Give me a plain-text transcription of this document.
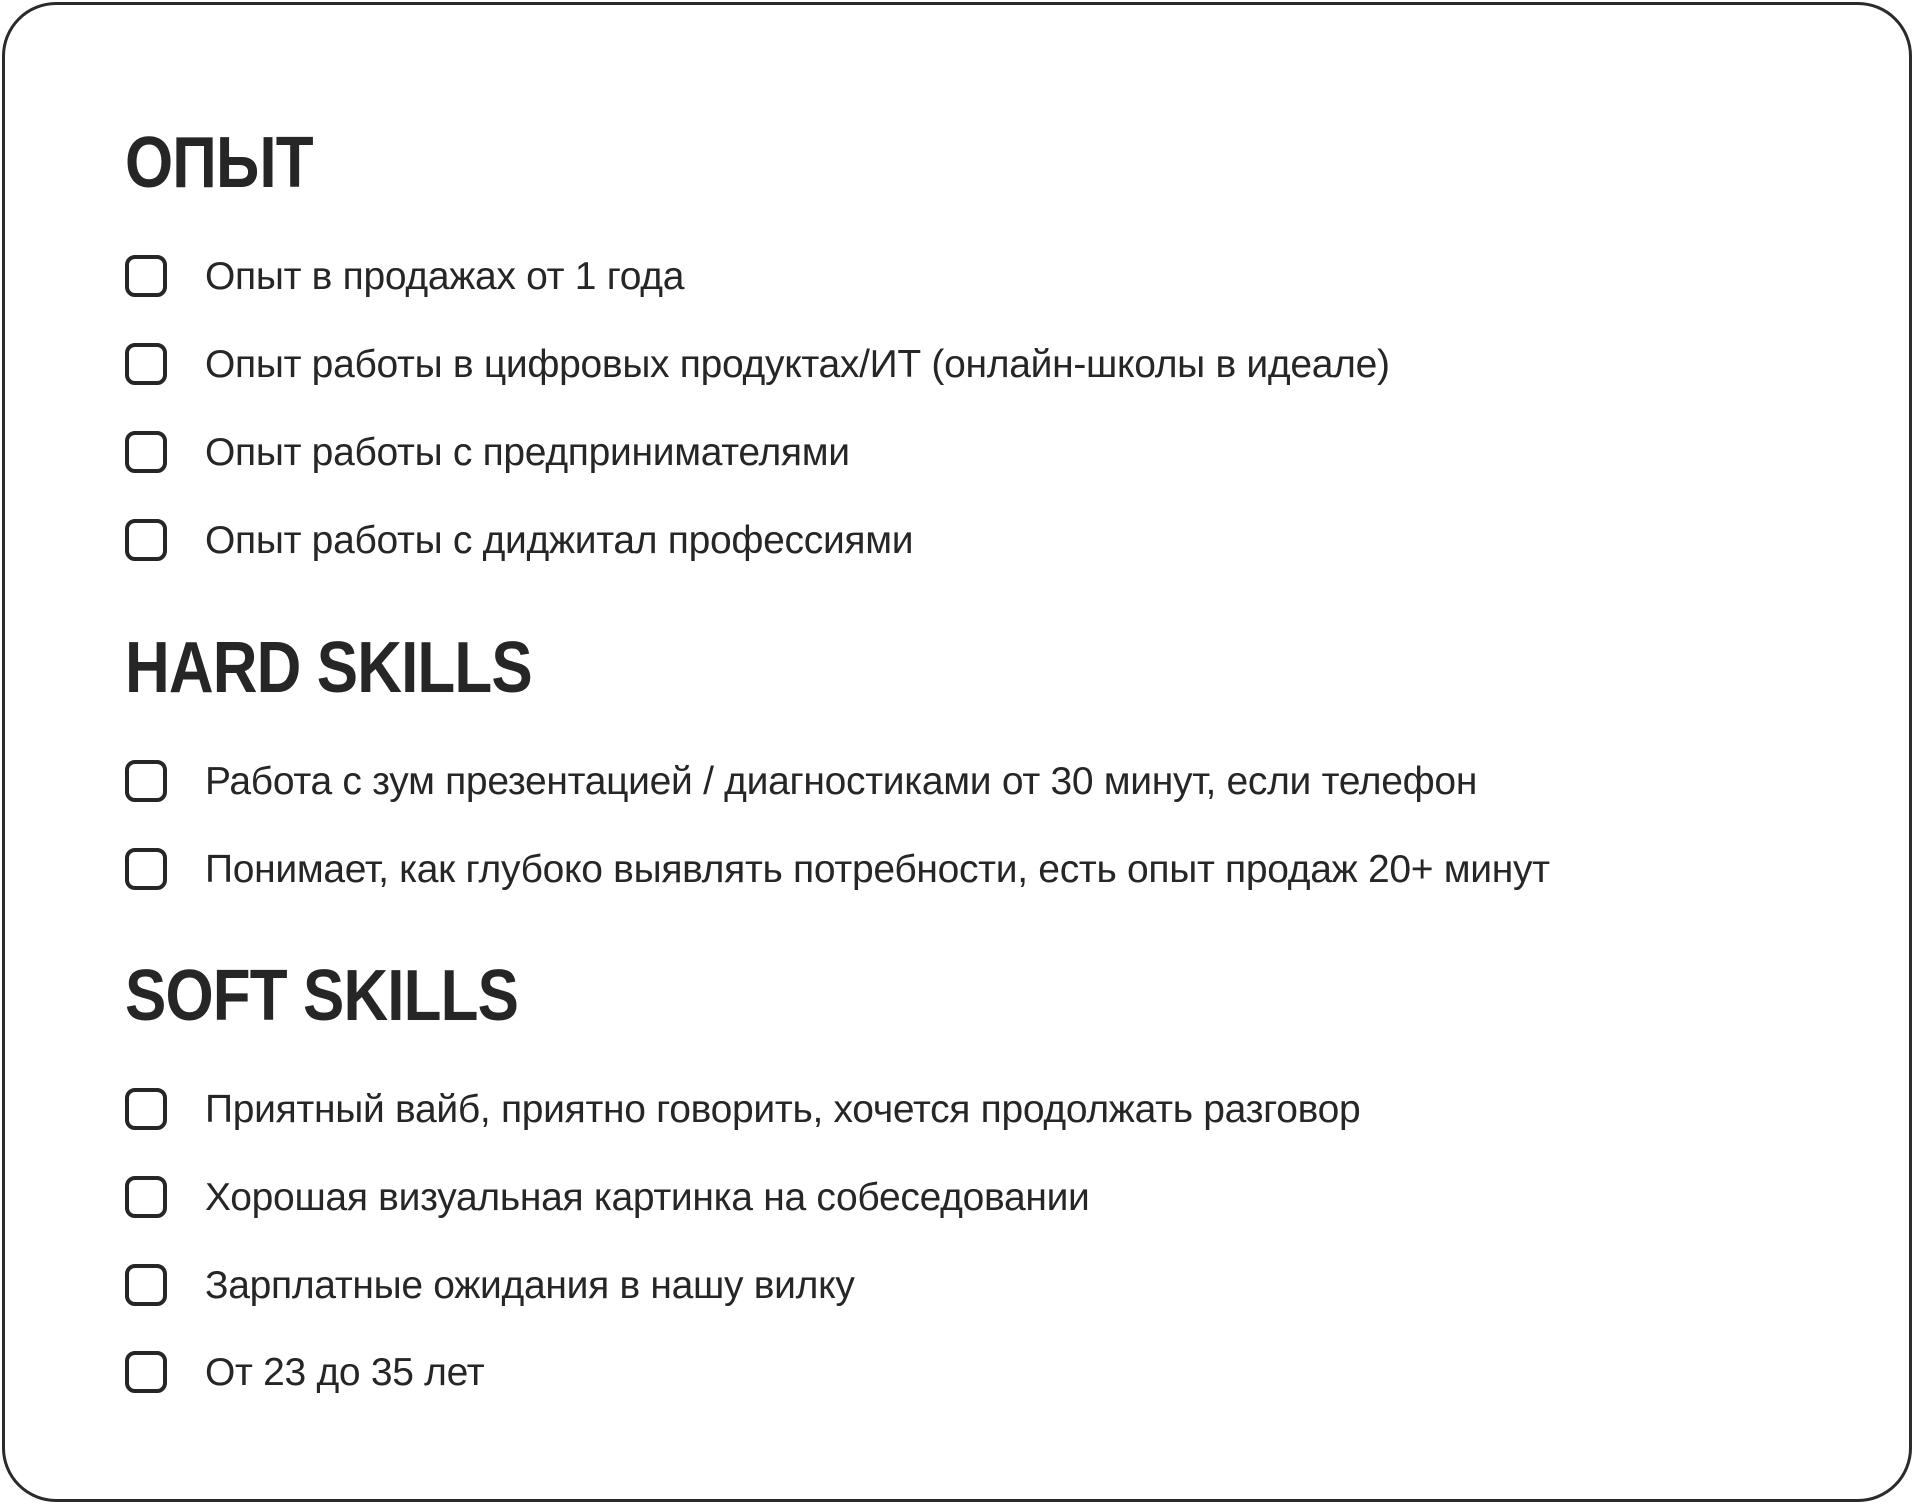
ОПЫТ
Опыт в продажах от 1 года
Опыт работы в цифровых продуктах/ИТ (онлайн-школы в идеале)
Опыт работы с предпринимателями
Опыт работы с диджитал профессиями
HARD SKILLS
Работа с зум презентацией / диагностиками от 30 минут, если телефон
Понимает, как глубоко выявлять потребности, есть опыт продаж 20+ минут
SOFT SKILLS
Приятный вайб, приятно говорить, хочется продолжать разговор
Хорошая визуальная картинка на собеседовании
Зарплатные ожидания в нашу вилку
От 23 до 35 лет
